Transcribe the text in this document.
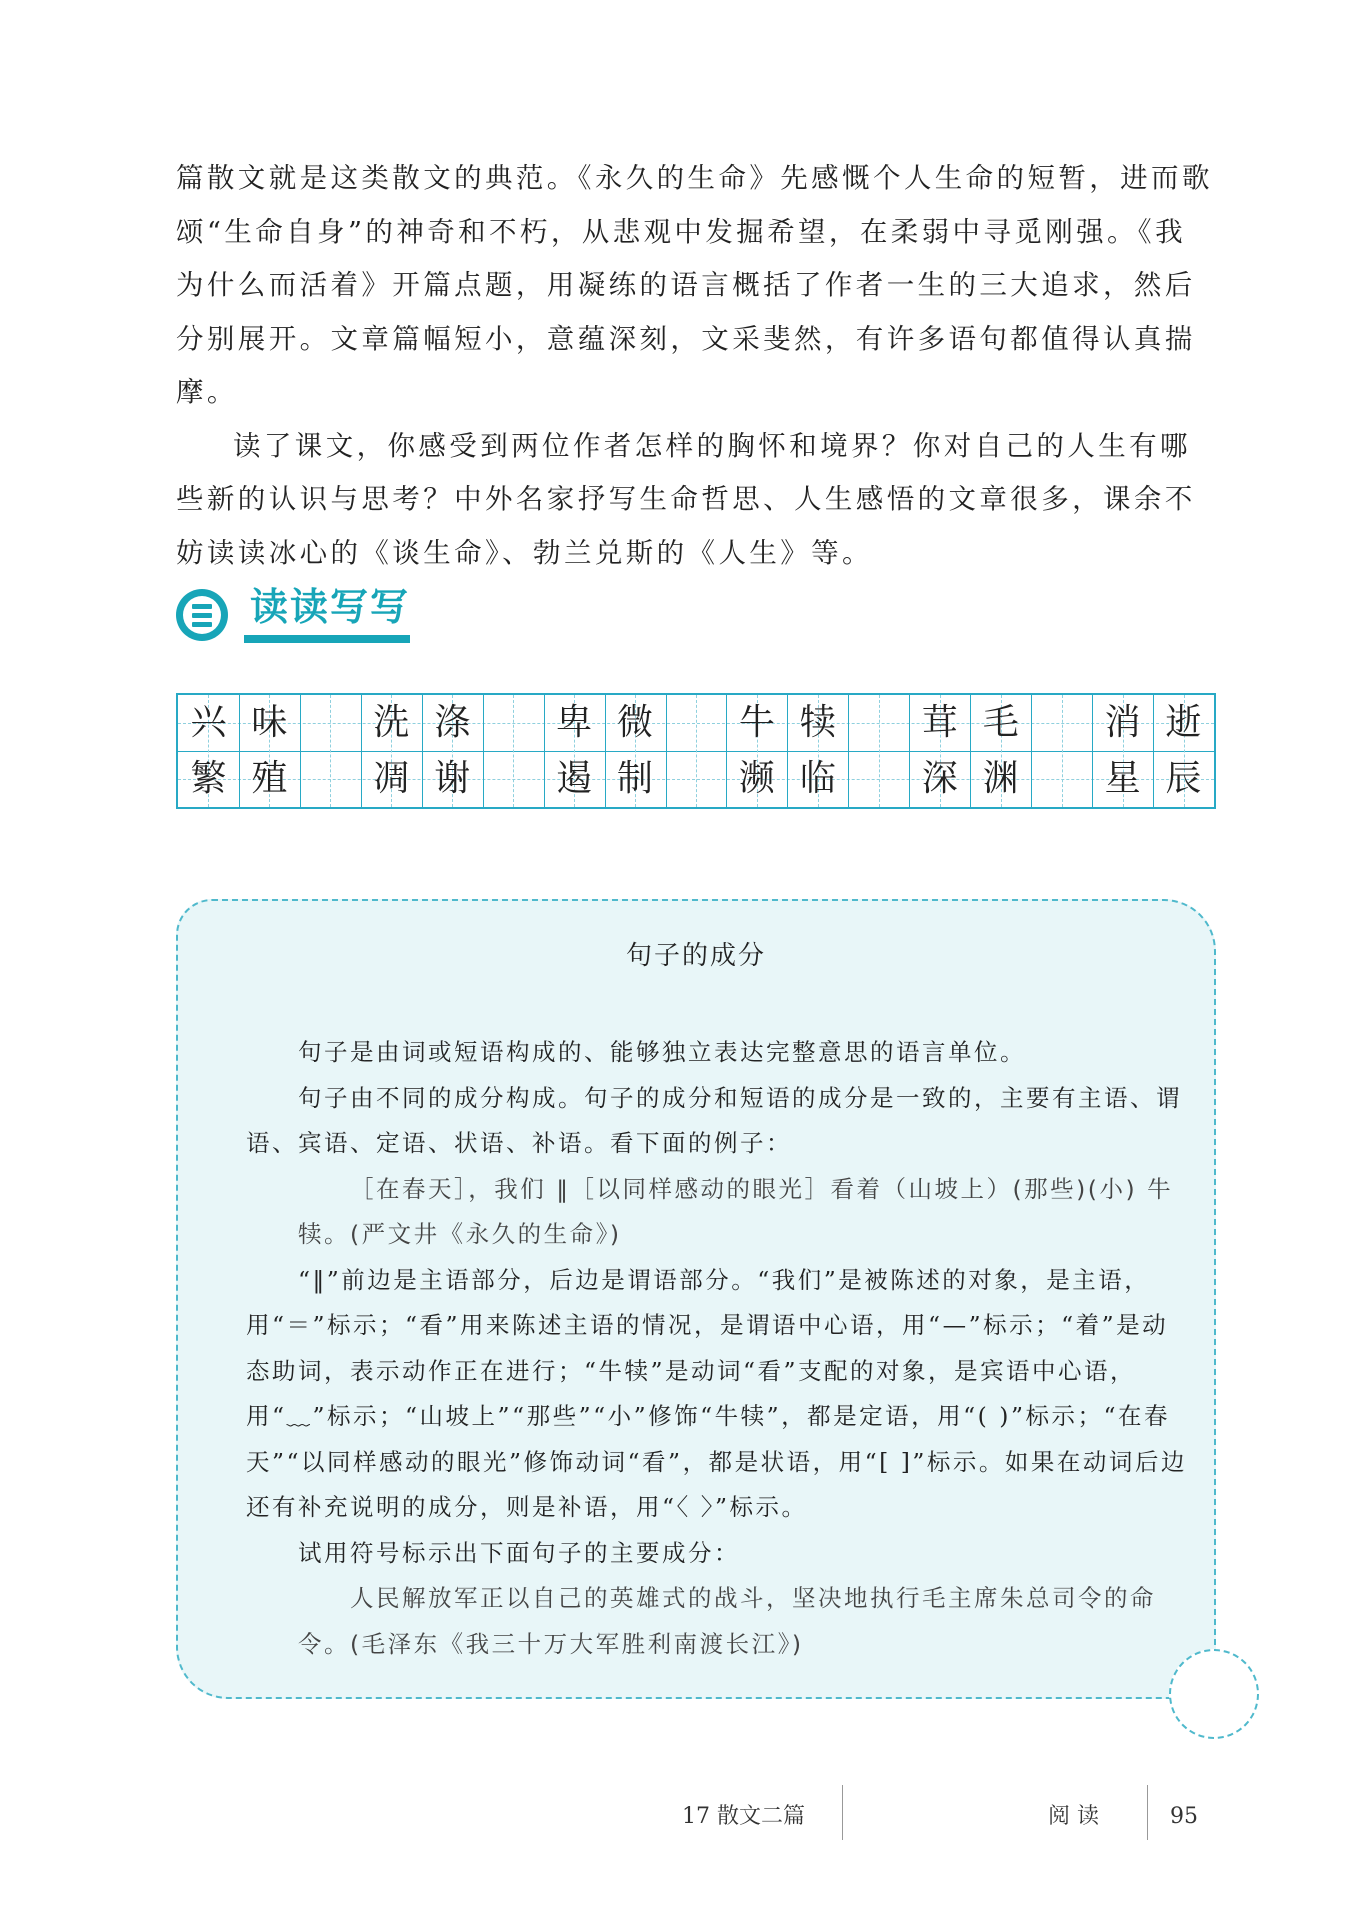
篇散文就是这类散文的典范。《永久的生命》先感慨个人生命的短暂，进而歌颂“生命自身”的神奇和不朽，从悲观中发掘希望，在柔弱中寻觅刚强。《我为什么而活着》开篇点题，用凝练的语言概括了作者一生的三大追求，然后分别展开。文章篇幅短小，意蕴深刻，文采斐然，有许多语句都值得认真揣摩。

读了课文，你感受到两位作者怎样的胸怀和境界？你对自己的人生有哪些新的认识与思考？中外名家抒写生命哲思、人生感悟的文章很多，课余不妨读读冰心的《谈生命》、勃兰兑斯的《人生》等。

读读写写
兴 味	洗 涤	卑 微	牛 犊	茸 毛	消 逝
繁 殖	凋 谢	遏 制	濒 临	深 渊	星 辰
句子的成分

句子是由词或短语构成的、能够独立表达完整意思的语言单位。

句子由不同的成分构成。句子的成分和短语的成分是一致的，主要有主语、谓语、宾语、定语、状语、补语。看下面的例子：

［在春天］，我们 ‖［以同样感动的眼光］看着（山坡上）(那些)(小) 牛犊。(严文井《永久的生命》)

“‖”前边是主语部分，后边是谓语部分。“我们”是被陈述的对象，是主语，用“＝”标示；“看”用来陈述主语的情况，是谓语中心语，用“—”标示；“着”是动态助词，表示动作正在进行；“牛犊”是动词“看”支配的对象，是宾语中心语，用“﹏”标示；“山坡上”“那些”“小”修饰“牛犊”，都是定语，用“( )”标示；“在春天”“以同样感动的眼光”修饰动词“看”，都是状语，用“[ ]”标示。如果在动词后边还有补充说明的成分，则是补语，用“〈 〉”标示。

试用符号标示出下面句子的主要成分：

人民解放军正以自己的英雄式的战斗，坚决地执行毛主席朱总司令的命令。(毛泽东《我三十万大军胜利南渡长江》)

17 散文二篇	阅 读	95
